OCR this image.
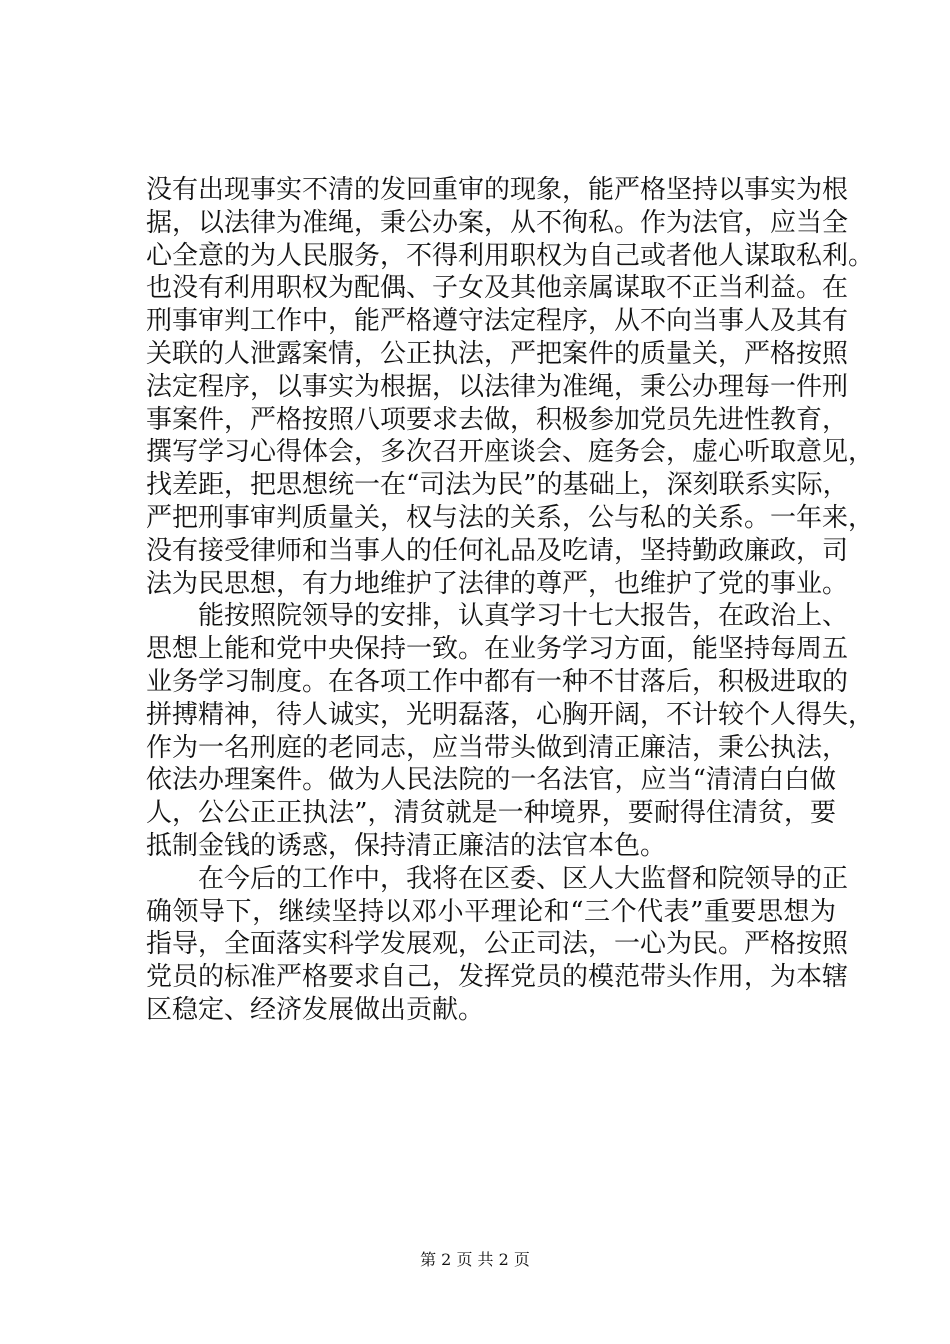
没有出现事实不清的发回重审的现象，能严格坚持以事实为根
据，以法律为准绳，秉公办案，从不徇私。作为法官，应当全
心全意的为人民服务，不得利用职权为自己或者他人谋取私利。
也没有利用职权为配偶、子女及其他亲属谋取不正当利益。在
刑事审判工作中，能严格遵守法定程序，从不向当事人及其有
关联的人泄露案情，公正执法，严把案件的质量关，严格按照
法定程序，以事实为根据，以法律为准绳，秉公办理每一件刑
事案件，严格按照八项要求去做，积极参加党员先进性教育，
撰写学习心得体会，多次召开座谈会、庭务会，虚心听取意见，
找差距，把思想统一在“司法为民”的基础上，深刻联系实际，
严把刑事审判质量关，权与法的关系，公与私的关系。一年来，
没有接受律师和当事人的任何礼品及吃请，坚持勤政廉政，司
法为民思想，有力地维护了法律的尊严，也维护了党的事业。
　　能按照院领导的安排，认真学习十七大报告，在政治上、
思想上能和党中央保持一致。在业务学习方面，能坚持每周五
业务学习制度。在各项工作中都有一种不甘落后，积极进取的
拼搏精神，待人诚实，光明磊落，心胸开阔，不计较个人得失，
作为一名刑庭的老同志，应当带头做到清正廉洁，秉公执法，
依法办理案件。做为人民法院的一名法官，应当“清清白白做
人，公公正正执法”，清贫就是一种境界，要耐得住清贫，要
抵制金钱的诱惑，保持清正廉洁的法官本色。
　　在今后的工作中，我将在区委、区人大监督和院领导的正
确领导下，继续坚持以邓小平理论和“三个代表”重要思想为
指导，全面落实科学发展观，公正司法，一心为民。严格按照
党员的标准严格要求自己，发挥党员的模范带头作用，为本辖
区稳定、经济发展做出贡献。
第 2 页 共 2 页
